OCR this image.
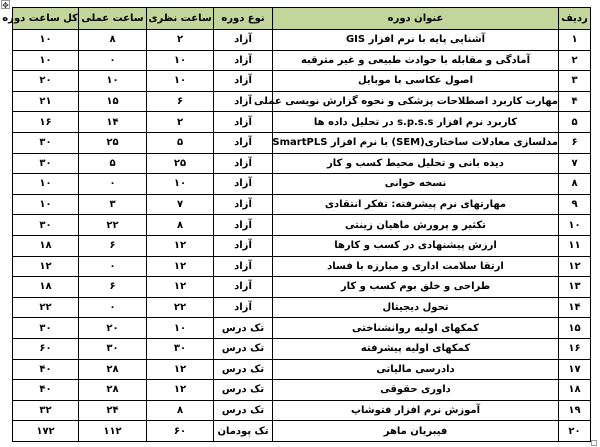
✥
ردیف	عنوان دوره	نوع دوره	ساعت نظری	ساعت عملی	کل ساعت دوره
۱	آشنایی پایه با نرم افزار GIS	آزاد	۲	۸	۱۰
۲	آمادگی و مقابله با حوادث طبیعی و غیر مترقبه	آزاد	۱۰	۰	۱۰
۳	اصول عکاسی با موبایل	آزاد	۱۰	۱۰	۲۰
۴	مهارت کاربرد اصطلاحات پزشکی و نحوه گزارش نویسی عملی	آزاد	۶	۱۵	۲۱
۵	کاربرد نرم افزار s.p.s.s در تحلیل داده ها	آزاد	۲	۱۴	۱۶
۶	مدلسازی معادلات ساختاری(SEM) با نرم افزار SmartPLS	آزاد	۵	۲۵	۳۰
۷	دیده بانی و تحلیل محیط کسب و کار	آزاد	۲۵	۵	۳۰
۸	نسخه خوانی	آزاد	۱۰	۰	۱۰
۹	مهارتهای نرم پیشرفته: تفکر انتقادی	آزاد	۷	۳	۱۰
۱۰	تکثیر و پرورش ماهیان زینتی	آزاد	۸	۲۲	۳۰
۱۱	ارزش پیشنهادی در کسب و کارها	آزاد	۱۲	۶	۱۸
۱۲	ارتقا سلامت اداری و مبارزه با فساد	آزاد	۱۲	۰	۱۲
۱۳	طراحی و خلق بوم کسب و کار	آزاد	۱۲	۶	۱۸
۱۴	تحول دیجیتال	آزاد	۲۲	۰	۲۲
۱۵	کمکهای اولیه روانشناختی	تک درس	۱۰	۲۰	۳۰
۱۶	کمکهای اولیه پیشرفته	تک درس	۳۰	۳۰	۶۰
۱۷	دادرسی مالیاتی	تک درس	۱۲	۲۸	۴۰
۱۸	داوری حقوقی	تک درس	۱۲	۲۸	۴۰
۱۹	آموزش نرم افزار فتوشاپ	تک درس	۸	۲۴	۳۲
۲۰	فیبریان ماهر	تک پودمان	۶۰	۱۱۲	۱۷۲
